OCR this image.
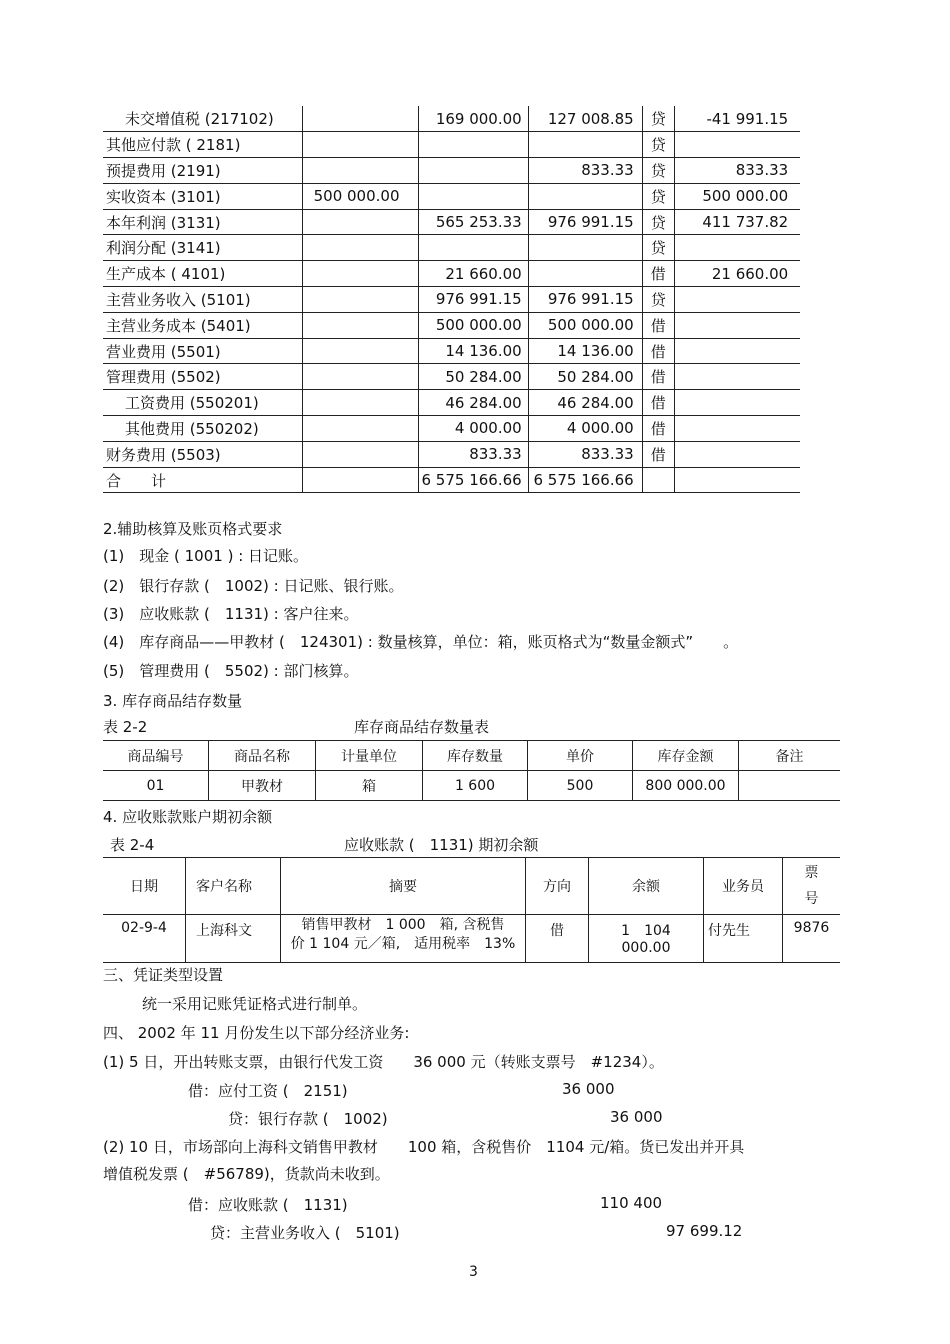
未交增值税 (217102)		169 000.00	127 008.85	贷	-41 991.15
其他应付款 ( 2181)				贷	
预提费用 (2191)			833.33	贷	833.33
实收资本 (3101)	500 000.00			贷	500 000.00
本年利润 (3131)		565 253.33	976 991.15	贷	411 737.82
利润分配 (3141)				贷	
生产成本 ( 4101)		21 660.00		借	21 660.00
主营业务收入 (5101)		976 991.15	976 991.15	贷	
主营业务成本 (5401)		500 000.00	500 000.00	借	
营业费用 (5501)		14 136.00	14 136.00	借	
管理费用 (5502)		50 284.00	50 284.00	借	
工资费用 (550201)		46 284.00	46 284.00	借	
其他费用 (550202)		4 000.00	4 000.00	借	
财务费用 (5503)		833.33	833.33	借	
合　　计		6 575 166.66	6 575 166.66		
2.辅助核算及账页格式要求
(1)　现金 ( 1001 ) : 日记账。
(2)　银行存款 (　1002) : 日记账、银行账。
(3)　应收账款 (　1131) : 客户往来。
(4)　库存商品——甲教材 (　124301) : 数量核算，单位：箱，账页格式为“数量金额式”　　。
(5)　管理费用 (　5502) : 部门核算。
3. 库存商品结存数量
表 2-2	库存商品结存数量表
商品编号	商品名称	计量单位	库存数量	单价	库存金额	备注
01	甲教材	箱	1 600	500	800 000.00	
4. 应收账款账户期初余额
表 2-4	应收账款 (　1131) 期初余额
日期	客户名称	摘要	方向	余额	业务员	票
号

02-9-4	上海科文	销售甲教材　1 000　箱, 含税售
价 1 104 元／箱,　适用税率　13%	借	1　104　000.00	付先生	9876
三、凭证类型设置
统一采用记账凭证格式进行制单。
四、 2002 年 11 月份发生以下部分经济业务:
(1) 5 日，开出转账支票，由银行代发工资　　36 000 元（转账支票号　#1234）。
借：应付工资 (　2151)	36 000
贷：银行存款 (　1002)	36 000
(2) 10 日，市场部向上海科文销售甲教材　　100 箱，含税售价　1104 元/箱。货已发出并开具
增值税发票 (　#56789)，货款尚未收到。
借：应收账款 (　1131)	110 400
贷：主营业务收入 (　5101)	97 699.12
3
